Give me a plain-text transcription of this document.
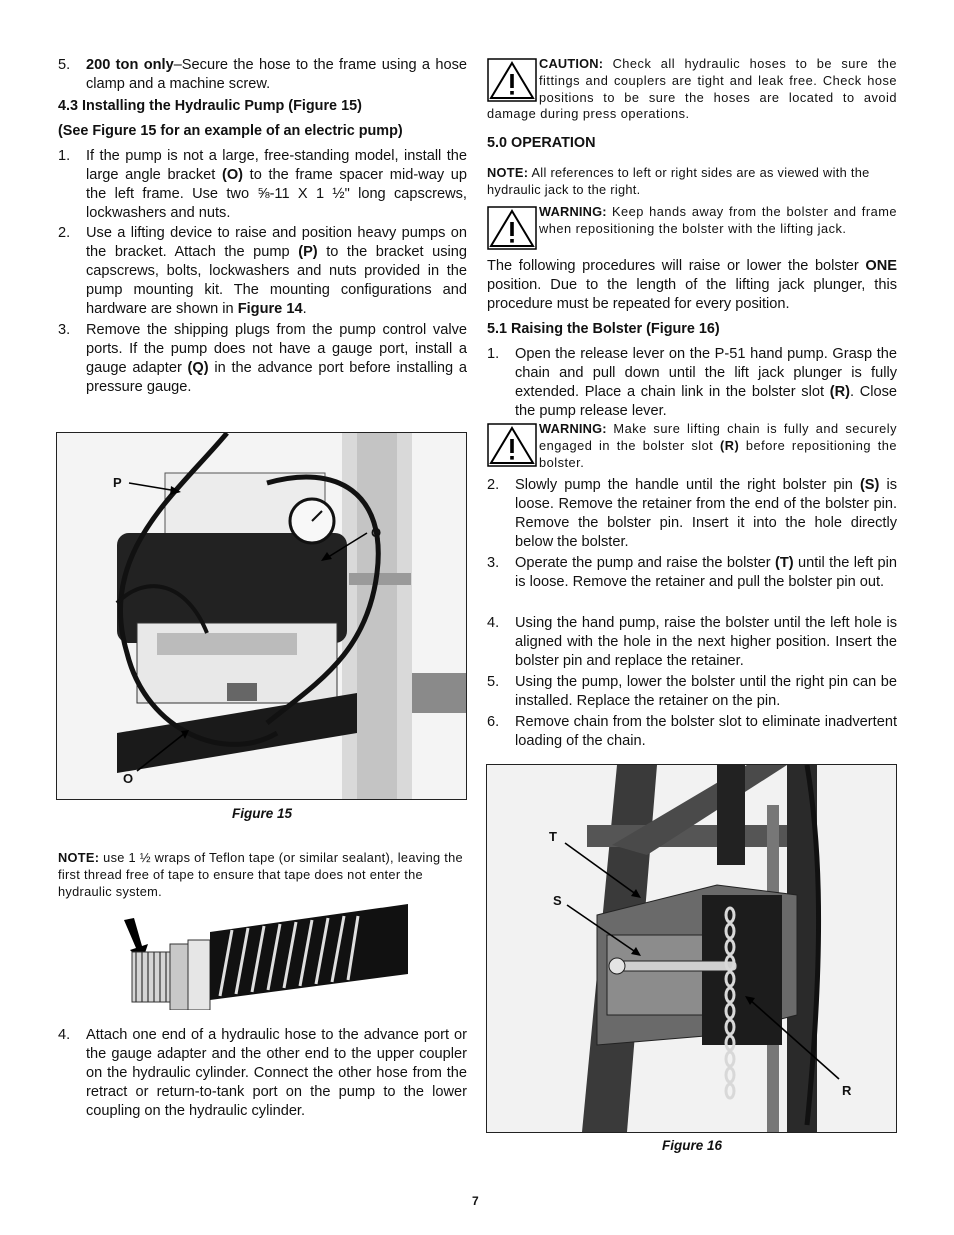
5. 200 ton only–Secure the hose to the frame using a hose clamp and a machine screw.

4.3 Installing the Hydraulic Pump (Figure 15)

(See Figure 15 for an example of an electric pump)

1. If the pump is not a large, free-standing model, install the large angle bracket (O) to the frame spacer mid-way up the left frame. Use two ⅝-11 X 1 ½" long capscrews, lockwashers and nuts.
2. Use a lifting device to raise and position heavy pumps on the bracket. Attach the pump (P) to the bracket using capscrews, bolts, lockwashers and nuts provided in the pump mounting kit. The mounting configurations and hardware are shown in Figure 14.
3. Remove the shipping plugs from the pump control valve ports. If the pump does not have a gauge port, install a gauge adapter (Q) in the advance port before installing a pressure gauge.
P
Q
O
Figure 15
NOTE: use 1 ½ wraps of Teflon tape (or similar sealant), leaving the first thread free of tape to ensure that tape does not enter the hydraulic system.
4. Attach one end of a hydraulic hose to the advance port or the gauge adapter and the other end to the upper coupler on the hydraulic cylinder. Connect the other hose from the retract or return-to-tank port on the pump to the lower coupling on the hydraulic cylinder.
CAUTION: Check all hydraulic hoses to be sure the fittings and couplers are tight and leak free. Check hose positions to be sure the hoses are located to avoid damage during press operations.

5.0 OPERATION

NOTE: All references to left or right sides are as viewed with the hydraulic jack to the right.
WARNING: Keep hands away from the bolster and frame when repositioning the bolster with the lifting jack.

The following procedures will raise or lower the bolster ONE position. Due to the length of the lifting jack plunger, this procedure must be repeated for every position.

5.1 Raising the Bolster (Figure 16)

1. Open the release lever on the P-51 hand pump. Grasp the chain and pull down until the lift jack plunger is fully extended. Place a chain link in the bolster slot (R). Close the pump release lever.
WARNING: Make sure lifting chain is fully and securely engaged in the bolster slot (R) before repositioning the bolster.
2. Slowly pump the handle until the right bolster pin (S) is loose. Remove the retainer from the end of the bolster pin. Remove the bolster pin. Insert it into the hole directly below the bolster.
3. Operate the pump and raise the bolster (T) until the left pin is loose. Remove the retainer and pull the bolster pin out.
4. Using the hand pump, raise the bolster until the left hole is aligned with the hole in the next higher position. Insert the bolster pin and replace the retainer.
5. Using the pump, lower the bolster until the right pin can be installed. Replace the retainer on the pin.
6. Remove chain from the bolster slot to eliminate inadvertent loading of the chain.
T
S
R
Figure 16
7
